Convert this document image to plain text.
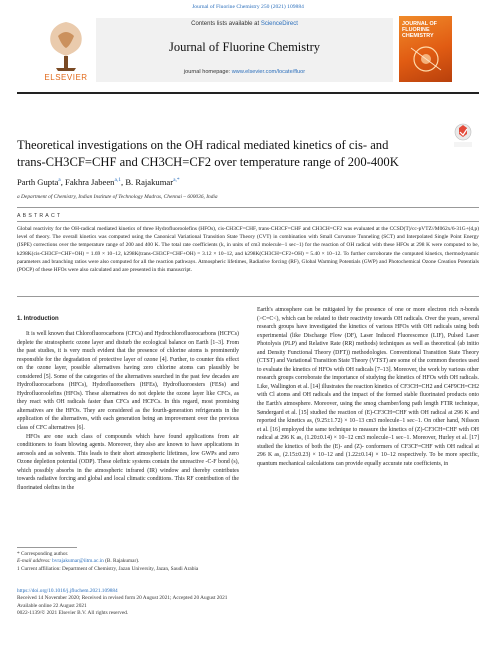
Journal of Fluorine Chemistry 250 (2021) 109884
ELSEVIER
Contents lists available at ScienceDirect
Journal of Fluorine Chemistry
journal homepage: www.elsevier.com/locate/fluor
JOURNAL OF FLUORINE CHEMISTRY
Theoretical investigations on the OH radical mediated kinetics of cis- and
trans-CH3CF=CHF and CH3CH=CF2 over temperature range of 200-400K
Parth Gupta$^a$, Fakhra Jabeen$^{a,1}$, B. Rajakumar$^{a,*}$
a Department of Chemistry, Indian Institute of Technology Madras, Chennai – 600036, India
ABSTRACT
Global reactivity for the OH-radical mediated kinetics of three Hydrofluoroolefins (HFOs), cis-CH3CF=CHF, trans-CH3CF=CHF and CH3CH=CF2 was evaluated at the CCSD(T)/cc-pVTZ//M062x/6-31G+(d,p) level of theory. The overall kinetics was computed using the Canonical Variational Transition State Theory (CVT) in combination with Small Curvature Tunneling (SCT) and Interpolated Single Point Energy (ISPE) corrections over the temperature range of 200 and 400 K. The total rate coefficients (k, in units of cm3 molecule−1 sec−1) for the reaction of OH radical with these HFOs at 298 K were computed to be, k298K(cis-CH3CF=CHF+OH) = 1.69 × 10−12, k298K(trans-CH3CF=CHF+OH) = 3.12 × 10−12, and k298K(CH3CH=CF2+OH) = 5.40 × 10−12. To further corroborate the computed kinetics, thermodynamic parameters and branching ratios were also computed for all the reaction pathways. Atmospheric lifetimes, Radiative forcing (RF), Global Warming Potentials (GWP) and Photochemical Ozone Creation Potentials (POCP) of these HFOs were also calculated and are presented in this manuscript.
1. Introduction

It is well known that Chlorofluorocarbons (CFCs) and Hydrochlorofluorocarbons (HCFCs) deplete the stratospheric ozone layer and disturb the ecological balance on Earth [1–3]. From the past studies, it is very much evident that the presence of chlorine atoms is prominently responsible for the degradation of protective layer of ozone [4]. Further, to counter this effect on the ozone layer, possible alternatives having zero chlorine atoms can plausibly be considered [5]. Some of the categories of the alternatives searched in the past few decades are Hydrofluorocarbons (HFCs), Hydrofluoroethers (HFEs), Hydrofluoroesters (FESs) and Hydrofluoroolefins (HFOs). These alternatives do not deplete the ozone layer like CFCs, as they react with OH radicals faster than CFCs and HCFCs. In this regard, most promising alternatives are the HFOs. They are considered as the fourth-generation refrigerants in the application of the alternatives, with each generation being an improvement over the previous class of CFC alternatives [6].

HFOs are one such class of compounds which have found applications from air conditioners to foam blowing agents. Moreover, they also are known to have applications in aerosols and as solvents. This leads to their short atmospheric lifetimes, low GWPs and zero Ozone depletion potential (ODP). These olefinic systems contain the unreactive -C-F bond (s), which possibly absorbs in the atmospheric infrared (IR) window and thereby contributes towards radiative forcing and global and local climatic conditions. This RF contribution of the fluorinated olefins in the

Earth's atmosphere can be mitigated by the presence of one or more electron rich π-bonds (>C=C<), which can be related to their reactivity towards OH radicals. Over the years, several research groups have investigated the kinetics of various HFOs with OH radicals using both experimental (like Discharge Flow (DF), Laser Induced Fluorescence (LIF), Pulsed Laser Photolysis (PLP) and Relative Rate (RR) methods) techniques as well as theoretical (ab initio and Density Functional Theory (DFT)) methodologies. Conventional Transition State Theory (CTST) and Variational Transition State Theory (VTST) are some of the common theories used to evaluate the kinetics of HFOs with OH radicals [7–13]. Moreover, the work by various other research groups corroborate the importance of studying the kinetics of HFOs with OH radicals. Like, Wallington et al. [14] illustrates the reaction kinetics of CF3CH=CH2 and C4F9CH=CH2 with Cl atoms and OH radicals and the impact of the formed stable fluorinated products onto the Earth's atmosphere. Moreover, using the smog chamber/long path length FTIR technique, Søndergard et al. [15] studied the reaction of (E)-CF3CH=CHF with OH radical at 296 K and reported the kinetics as, (9.25±1.72) × 10−13 cm3 molecule−1 sec−1. On other hand, Nilsson et al. [16] employed the same technique to measure the kinetics of (Z)-CF3CH=CHF with OH radical at 296 K as, (1.20±0.14) × 10−12 cm3 molecule−1 sec−1. Moreover, Hurley et al. [17] studied the kinetics of both the (E)- and (Z)- conformers of CF3CF=CHF with OH radical at 296 K as, (2.15±0.23) × 10−12 and (1.22±0.14) × 10−12 respectively. To be more specific, quantum mechanical calculations can provide equally accurate rate coefficients, in

* Corresponding author.
E-mail address: bvrajakumar@iitm.ac.in (B. Rajakumar).
1 Current affiliation: Department of Chemistry, Jazan University, Jazan, Saudi Arabia
https://doi.org/10.1016/j.jfluchem.2021.109884
Received 14 November 2020; Received in revised form 20 August 2021; Accepted 20 August 2021
Available online 22 August 2021
0022-1139/© 2021 Elsevier B.V. All rights reserved.
